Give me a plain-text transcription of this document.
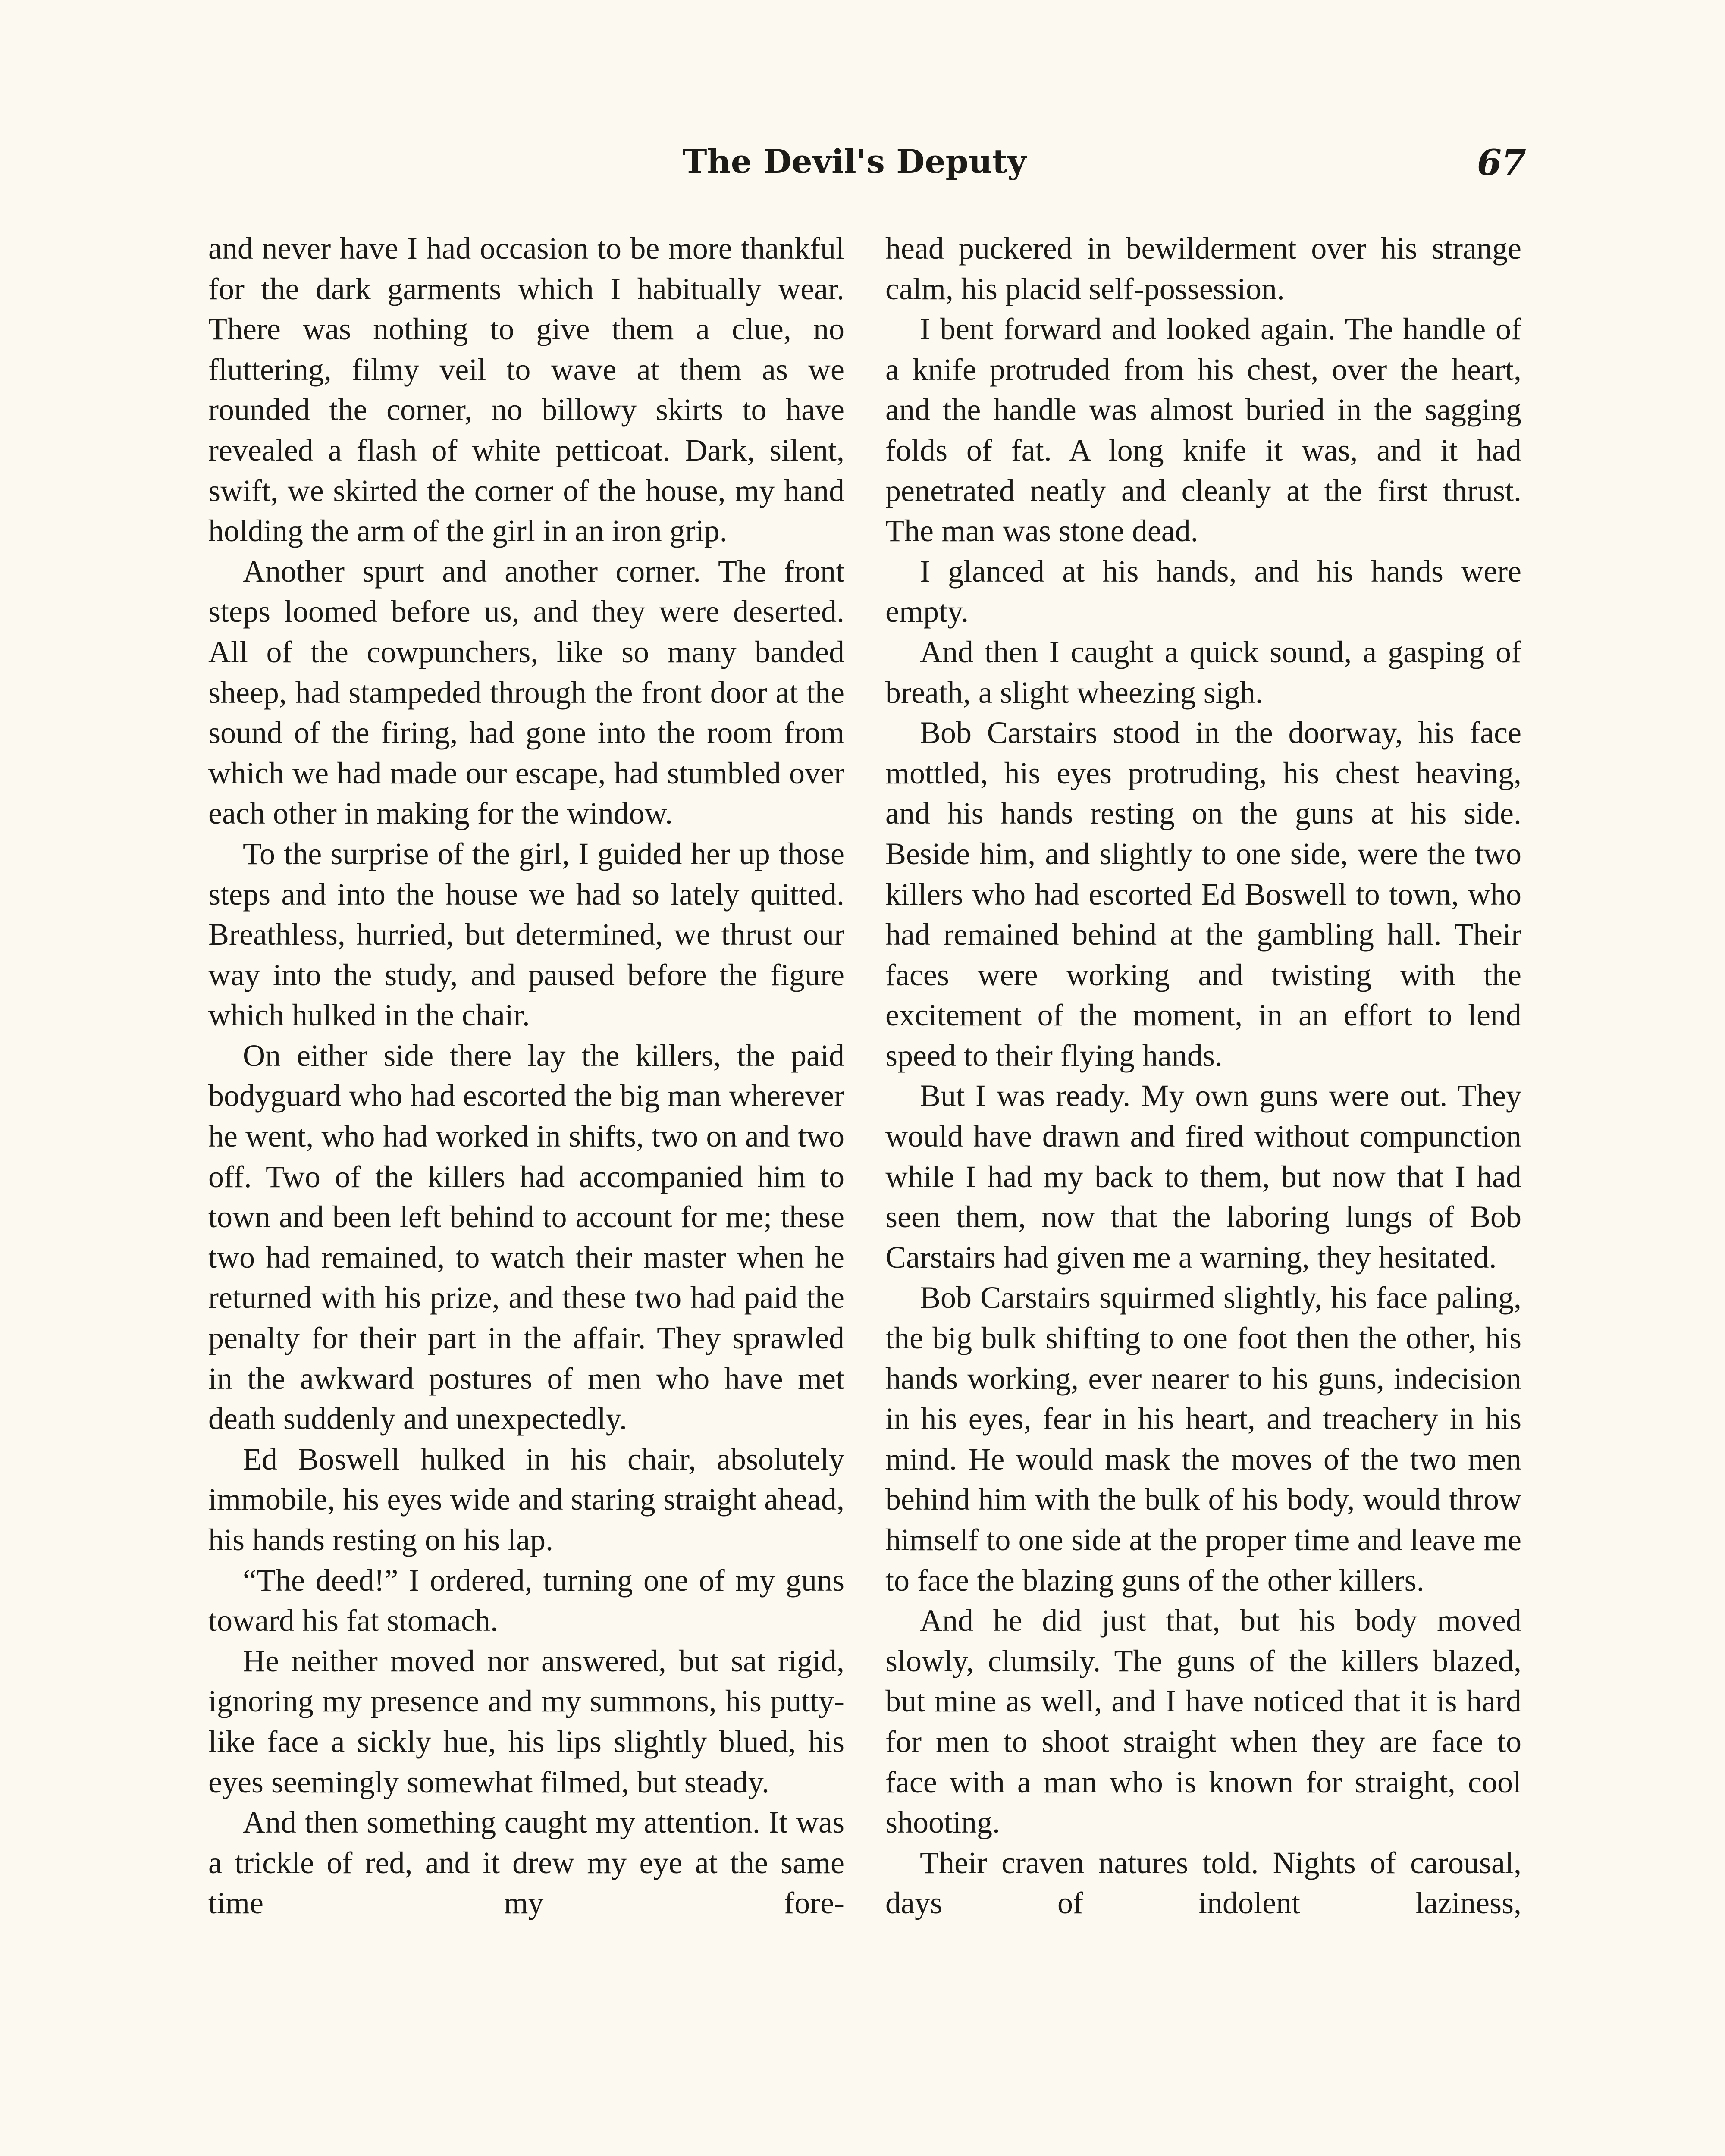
The Devil's Deputy	67

and never have I had occasion to be more thankful for the dark garments which I habitually wear. There was nothing to give them a clue, no fluttering, filmy veil to wave at them as we rounded the corner, no billowy skirts to have revealed a flash of white petticoat. Dark, silent, swift, we skirted the corner of the house, my hand holding the arm of the girl in an iron grip.

Another spurt and another corner. The front steps loomed before us, and they were deserted. All of the cowpunchers, like so many banded sheep, had stampeded through the front door at the sound of the firing, had gone into the room from which we had made our escape, had stumbled over each other in making for the window.

To the surprise of the girl, I guided her up those steps and into the house we had so lately quitted. Breathless, hurried, but determined, we thrust our way into the study, and paused before the figure which hulked in the chair.

On either side there lay the killers, the paid bodyguard who had escorted the big man wherever he went, who had worked in shifts, two on and two off. Two of the killers had accompanied him to town and been left behind to account for me; these two had remained, to watch their master when he returned with his prize, and these two had paid the penalty for their part in the affair. They sprawled in the awkward postures of men who have met death suddenly and unexpectedly.

Ed Boswell hulked in his chair, absolutely immobile, his eyes wide and staring straight ahead, his hands resting on his lap.

“The deed!” I ordered, turning one of my guns toward his fat stomach.

He neither moved nor answered, but sat rigid, ignoring my presence and my summons, his putty-like face a sickly hue, his lips slightly blued, his eyes seemingly somewhat filmed, but steady.

And then something caught my attention. It was a trickle of red, and it drew my eye at the same time my fore-

head puckered in bewilderment over his strange calm, his placid self-possession.

I bent forward and looked again. The handle of a knife protruded from his chest, over the heart, and the handle was almost buried in the sagging folds of fat. A long knife it was, and it had penetrated neatly and cleanly at the first thrust. The man was stone dead.

I glanced at his hands, and his hands were empty.

And then I caught a quick sound, a gasping of breath, a slight wheezing sigh.

Bob Carstairs stood in the doorway, his face mottled, his eyes protruding, his chest heaving, and his hands resting on the guns at his side. Beside him, and slightly to one side, were the two killers who had escorted Ed Boswell to town, who had remained behind at the gambling hall. Their faces were working and twisting with the excitement of the moment, in an effort to lend speed to their flying hands.

But I was ready. My own guns were out. They would have drawn and fired without compunction while I had my back to them, but now that I had seen them, now that the laboring lungs of Bob Carstairs had given me a warning, they hesitated.

Bob Carstairs squirmed slightly, his face paling, the big bulk shifting to one foot then the other, his hands working, ever nearer to his guns, indecision in his eyes, fear in his heart, and treachery in his mind. He would mask the moves of the two men behind him with the bulk of his body, would throw himself to one side at the proper time and leave me to face the blazing guns of the other killers.

And he did just that, but his body moved slowly, clumsily. The guns of the killers blazed, but mine as well, and I have noticed that it is hard for men to shoot straight when they are face to face with a man who is known for straight, cool shooting.

Their craven natures told. Nights of carousal, days of indolent laziness,
